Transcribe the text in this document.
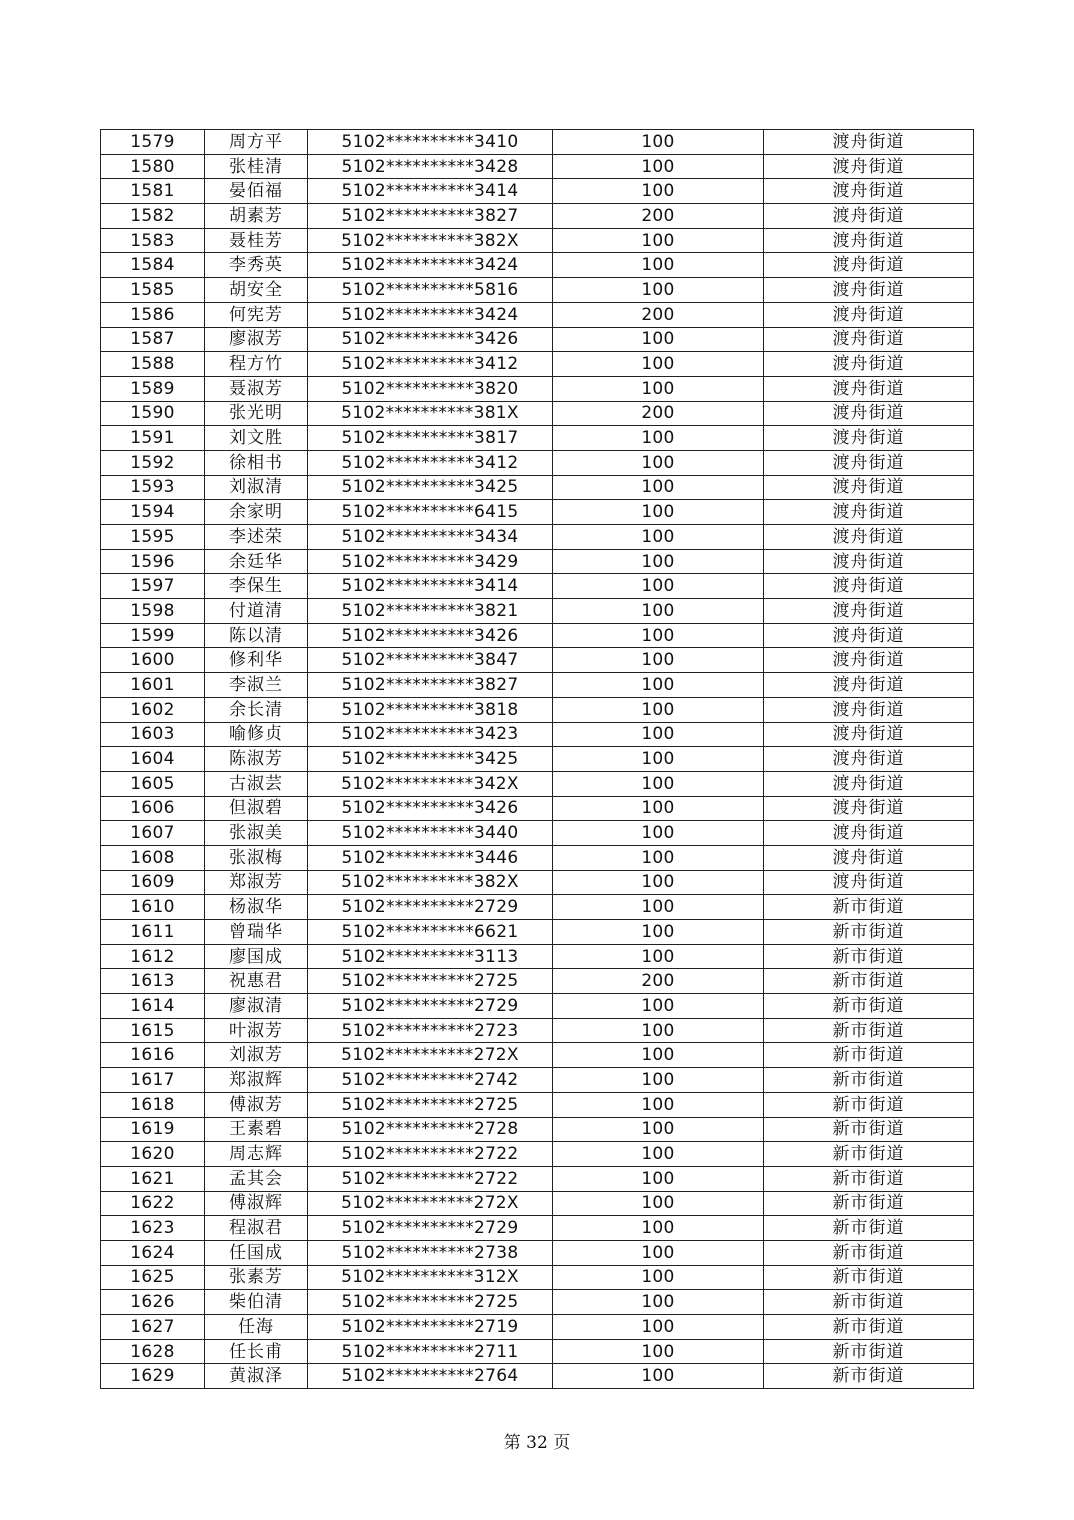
1579	周方平	5102**********3410	100	渡舟街道
1580	张桂清	5102**********3428	100	渡舟街道
1581	晏佰福	5102**********3414	100	渡舟街道
1582	胡素芳	5102**********3827	200	渡舟街道
1583	聂桂芳	5102**********382X	100	渡舟街道
1584	李秀英	5102**********3424	100	渡舟街道
1585	胡安全	5102**********5816	100	渡舟街道
1586	何宪芳	5102**********3424	200	渡舟街道
1587	廖淑芳	5102**********3426	100	渡舟街道
1588	程方竹	5102**********3412	100	渡舟街道
1589	聂淑芳	5102**********3820	100	渡舟街道
1590	张光明	5102**********381X	200	渡舟街道
1591	刘文胜	5102**********3817	100	渡舟街道
1592	徐相书	5102**********3412	100	渡舟街道
1593	刘淑清	5102**********3425	100	渡舟街道
1594	余家明	5102**********6415	100	渡舟街道
1595	李述荣	5102**********3434	100	渡舟街道
1596	余廷华	5102**********3429	100	渡舟街道
1597	李保生	5102**********3414	100	渡舟街道
1598	付道清	5102**********3821	100	渡舟街道
1599	陈以清	5102**********3426	100	渡舟街道
1600	修利华	5102**********3847	100	渡舟街道
1601	李淑兰	5102**********3827	100	渡舟街道
1602	余长清	5102**********3818	100	渡舟街道
1603	喻修贞	5102**********3423	100	渡舟街道
1604	陈淑芳	5102**********3425	100	渡舟街道
1605	古淑芸	5102**********342X	100	渡舟街道
1606	但淑碧	5102**********3426	100	渡舟街道
1607	张淑美	5102**********3440	100	渡舟街道
1608	张淑梅	5102**********3446	100	渡舟街道
1609	郑淑芳	5102**********382X	100	渡舟街道
1610	杨淑华	5102**********2729	100	新市街道
1611	曾瑞华	5102**********6621	100	新市街道
1612	廖国成	5102**********3113	100	新市街道
1613	祝惠君	5102**********2725	200	新市街道
1614	廖淑清	5102**********2729	100	新市街道
1615	叶淑芳	5102**********2723	100	新市街道
1616	刘淑芳	5102**********272X	100	新市街道
1617	郑淑辉	5102**********2742	100	新市街道
1618	傅淑芳	5102**********2725	100	新市街道
1619	王素碧	5102**********2728	100	新市街道
1620	周志辉	5102**********2722	100	新市街道
1621	孟其会	5102**********2722	100	新市街道
1622	傅淑辉	5102**********272X	100	新市街道
1623	程淑君	5102**********2729	100	新市街道
1624	任国成	5102**********2738	100	新市街道
1625	张素芳	5102**********312X	100	新市街道
1626	柴伯清	5102**********2725	100	新市街道
1627	任海	5102**********2719	100	新市街道
1628	任长甫	5102**********2711	100	新市街道
1629	黄淑泽	5102**********2764	100	新市街道
第 32 页
